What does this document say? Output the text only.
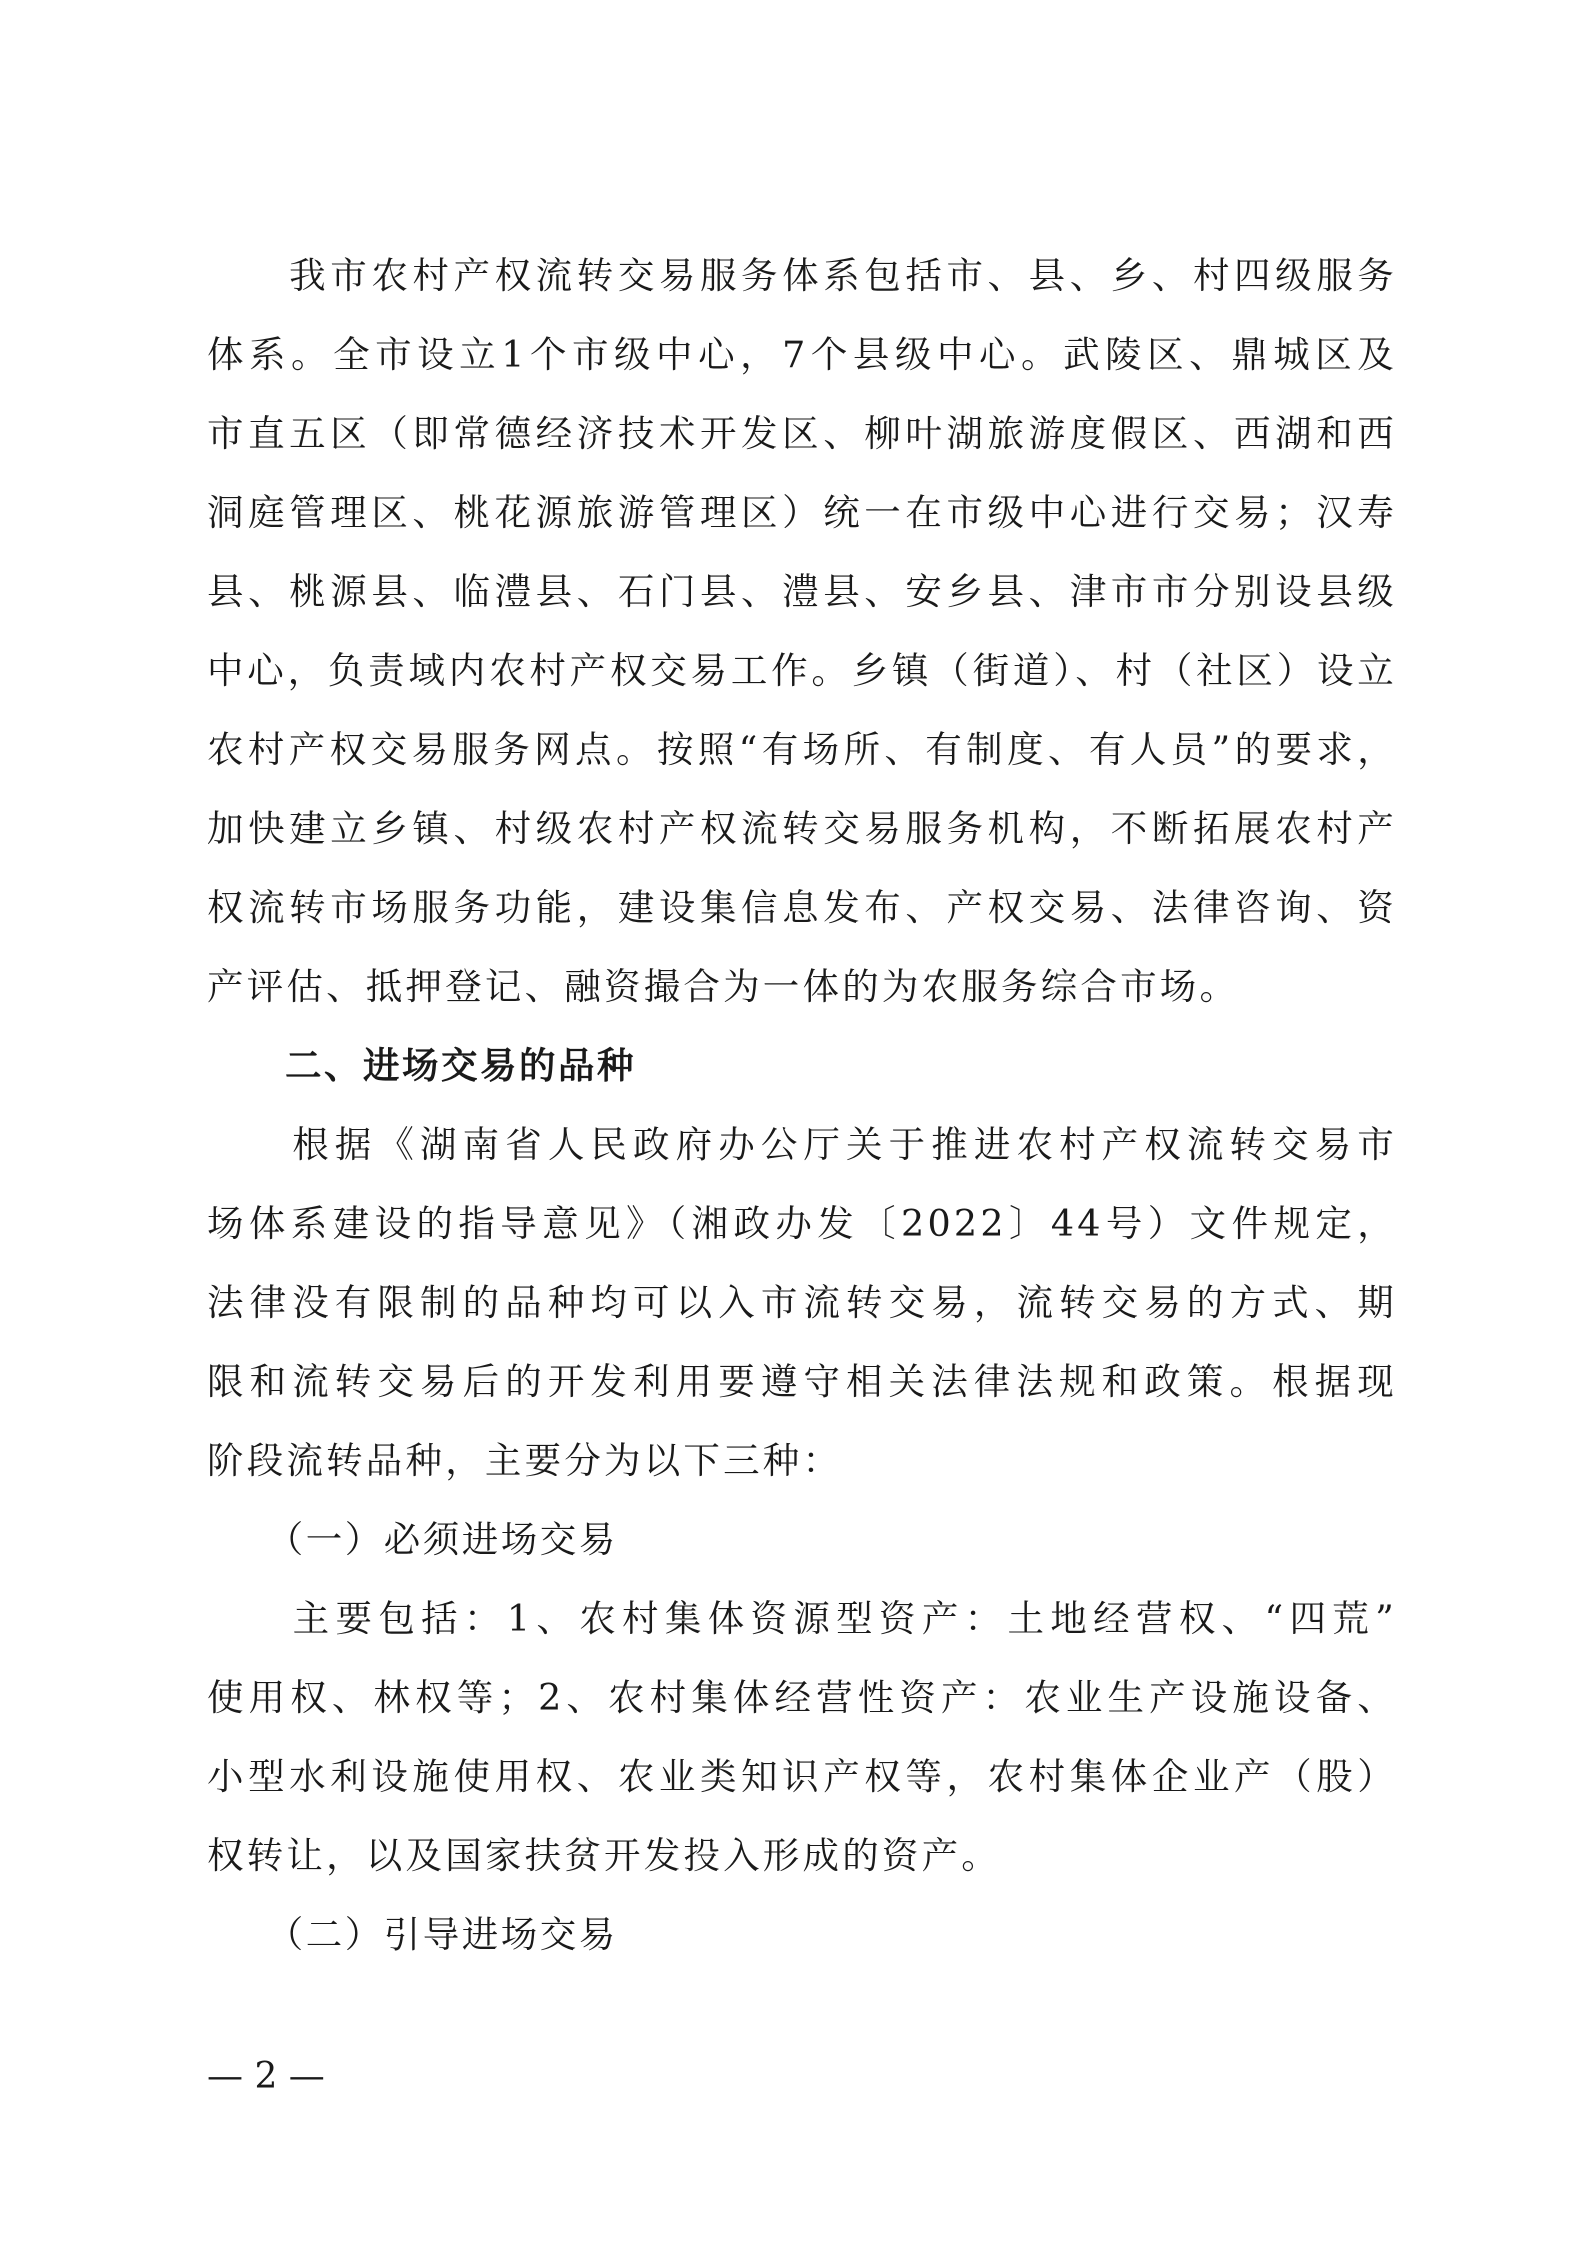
　　我市农村产权流转交易服务体系包括市、县、乡、村四级服务
体系。全市设立1个市级中心，7个县级中心。武陵区、鼎城区及
市直五区（即常德经济技术开发区、柳叶湖旅游度假区、西湖和西
洞庭管理区、桃花源旅游管理区）统一在市级中心进行交易；汉寿
县、桃源县、临澧县、石门县、澧县、安乡县、津市市分别设县级
中心，负责域内农村产权交易工作。乡镇（街道）、村（社区）设立
农村产权交易服务网点。按照“有场所、有制度、有人员”的要求，
加快建立乡镇、村级农村产权流转交易服务机构，不断拓展农村产
权流转市场服务功能，建设集信息发布、产权交易、法律咨询、资
产评估、抵押登记、融资撮合为一体的为农服务综合市场。
　　二、进场交易的品种
　　根据《湖南省人民政府办公厅关于推进农村产权流转交易市
场体系建设的指导意见》（湘政办发〔2022〕44号）文件规定，
法律没有限制的品种均可以入市流转交易，流转交易的方式、期
限和流转交易后的开发利用要遵守相关法律法规和政策。根据现
阶段流转品种，主要分为以下三种：
　　（一）必须进场交易
　　主要包括：1、农村集体资源型资产：土地经营权、“四荒”
使用权、林权等；2、农村集体经营性资产：农业生产设施设备、
小型水利设施使用权、农业类知识产权等，农村集体企业产（股）
权转让，以及国家扶贫开发投入形成的资产。
　　（二）引导进场交易
— 2 —
